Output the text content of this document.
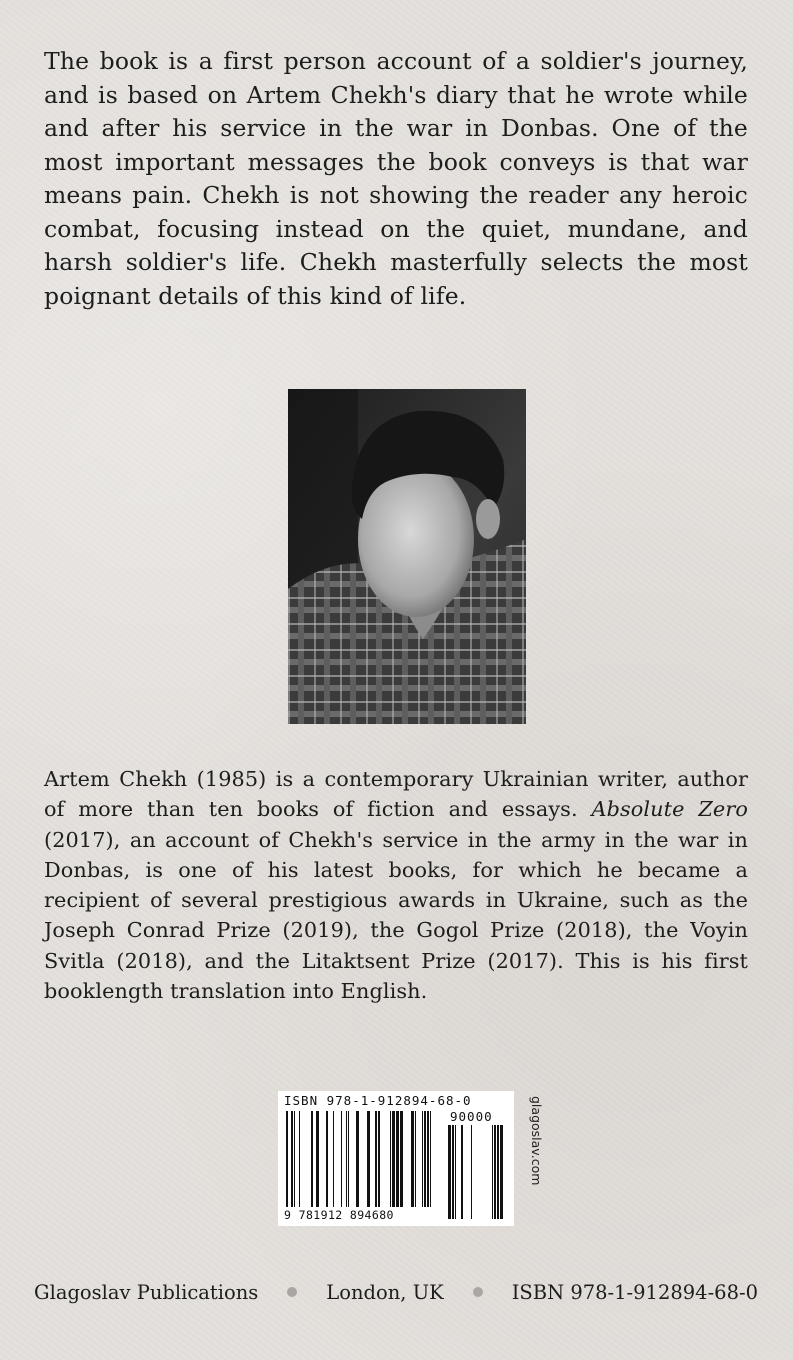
The book is a first person account of a soldier's journey, and is based on Artem Chekh's diary that he wrote while and after his service in the war in Donbas. One of the most important messages the book conveys is that war means pain. Chekh is not showing the reader any heroic combat, focusing instead on the quiet, mundane, and harsh soldier's life. Chekh masterfully selects the most poignant details of this kind of life.

Artem Chekh (1985) is a contemporary Ukrainian writer, author of more than ten books of fiction and essays. Absolute Zero (2017), an account of Chekh's service in the army in the war in Donbas, is one of his latest books, for which he became a recipient of several prestigious awards in Ukraine, such as the Joseph Conrad Prize (2019), the Gogol Prize (2018), the Voyin Svitla (2018), and the Litaktsent Prize (2017). This is his first booklength translation into English.

ISBN 978-1-912894-68-0
90000
9 781912 894680
glagoslav.com
Glagoslav Publications	London, UK	ISBN 978-1-912894-68-0
